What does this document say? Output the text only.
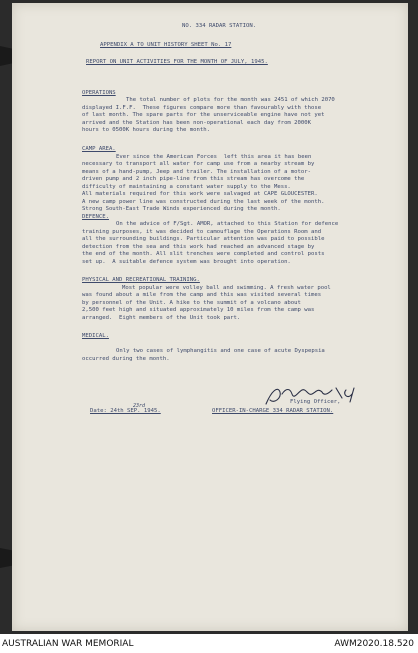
NO. 334 RADAR STATION.
APPENDIX A TO UNIT HISTORY SHEET No. 17
REPORT ON UNIT ACTIVITIES FOR THE MONTH OF JULY, 1945.
OPERATIONS
The total number of plots for the month was 2451 of which 2070
displayed I.F.F.  These figures compare more than favourably with those
of last month. The spare parts for the unserviceable engine have not yet
arrived and the Station has been non-operational each day from 2000K
hours to 0500K hours during the month.
CAMP AREA.
Ever since the American Forces  left this area it has been
necessary to transport all water for camp use from a nearby stream by
means of a hand-pump, Jeep and trailer. The installation of a motor-
driven pump and 2 inch pipe-line from this stream has overcome the
difficulty of maintaining a constant water supply to the Mess.
All materials required for this work were salvaged at CAPE GLOUCESTER.
A new camp power line was constructed during the last week of the month.
Strong South-East Trade Winds experienced during the month.
DEFENCE.
On the advice of F/Sgt. AMOR, attached to this Station for defence
training purposes, it was decided to camouflage the Operations Room and
all the surrounding buildings. Particular attention was paid to possible
detection from the sea and this work had reached an advanced stage by
the end of the month. All slit trenches were completed and control posts
set up.  A suitable defence system was brought into operation.
PHYSICAL AND RECREATIONAL TRAINING.
Most popular were volley ball and swimming. A fresh water pool
was found about a mile from the camp and this was visited several times
by personnel of the Unit. A hike to the summit of a volcano about
2,500 feet high and situated approximately 10 miles from the camp was
arranged.  Eight members of the Unit took part.
MEDICAL.
Only two cases of lymphangitis and one case of acute Dyspepsia
occurred during the month.
Flying Officer,
23rd
Date: 24th SEP. 1945.	OFFICER-IN-CHARGE 334 RADAR STATION.
AUSTRALIAN WAR MEMORIAL	AWM2020.18.520
